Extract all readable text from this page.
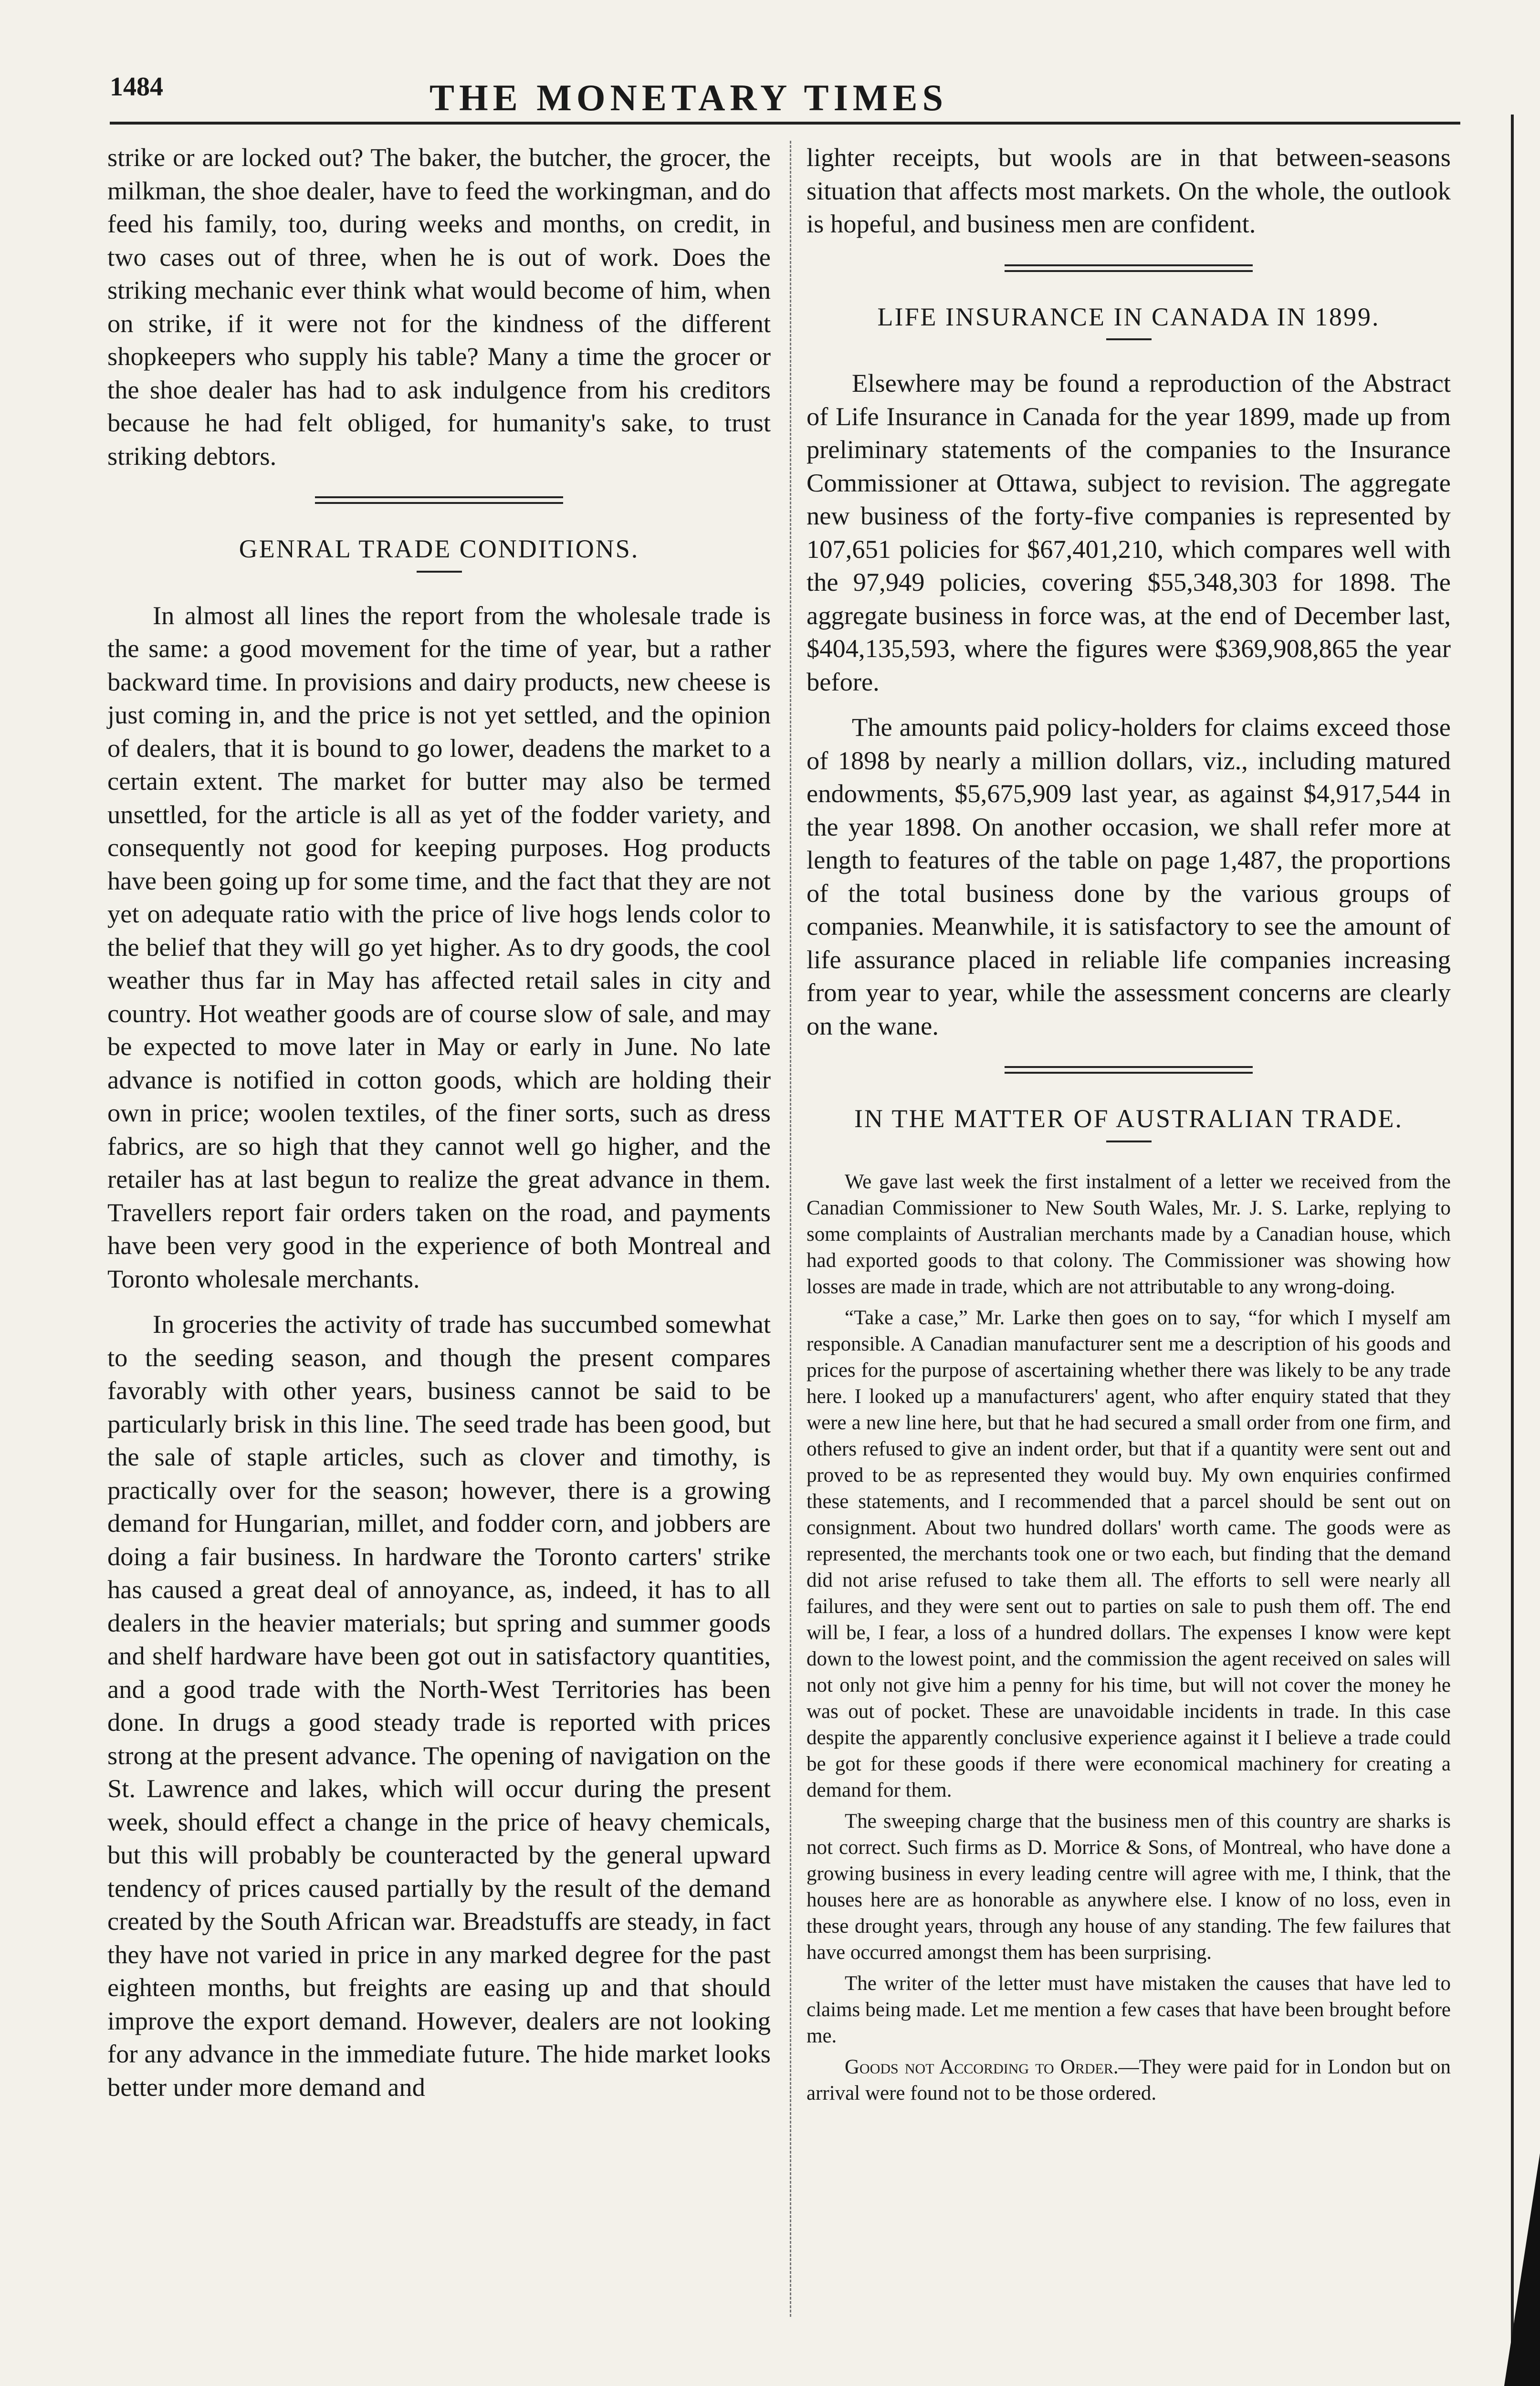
1484	THE MONETARY TIMES

strike or are locked out? The baker, the butcher, the grocer, the milkman, the shoe dealer, have to feed the workingman, and do feed his family, too, during weeks and months, on credit, in two cases out of three, when he is out of work. Does the striking mechanic ever think what would become of him, when on strike, if it were not for the kindness of the different shopkeepers who supply his table? Many a time the grocer or the shoe dealer has had to ask indulgence from his creditors because he had felt obliged, for humanity's sake, to trust striking debtors.

GENRAL TRADE CONDITIONS.

In almost all lines the report from the wholesale trade is the same: a good movement for the time of year, but a rather backward time. In provisions and dairy products, new cheese is just coming in, and the price is not yet settled, and the opinion of dealers, that it is bound to go lower, deadens the market to a certain extent. The market for butter may also be termed unsettled, for the article is all as yet of the fodder variety, and consequently not good for keeping purposes. Hog products have been going up for some time, and the fact that they are not yet on adequate ratio with the price of live hogs lends color to the belief that they will go yet higher. As to dry goods, the cool weather thus far in May has affected retail sales in city and country. Hot weather goods are of course slow of sale, and may be expected to move later in May or early in June. No late advance is notified in cotton goods, which are holding their own in price; woolen textiles, of the finer sorts, such as dress fabrics, are so high that they cannot well go higher, and the retailer has at last begun to realize the great advance in them. Travellers report fair orders taken on the road, and payments have been very good in the experience of both Montreal and Toronto wholesale merchants.

In groceries the activity of trade has succumbed somewhat to the seeding season, and though the present compares favorably with other years, business cannot be said to be particularly brisk in this line. The seed trade has been good, but the sale of staple articles, such as clover and timothy, is practically over for the season; however, there is a growing demand for Hungarian, millet, and fodder corn, and jobbers are doing a fair business. In hardware the Toronto carters' strike has caused a great deal of annoyance, as, indeed, it has to all dealers in the heavier materials; but spring and summer goods and shelf hardware have been got out in satisfactory quantities, and a good trade with the North-West Territories has been done. In drugs a good steady trade is reported with prices strong at the present advance. The opening of navigation on the St. Lawrence and lakes, which will occur during the present week, should effect a change in the price of heavy chemicals, but this will probably be counteracted by the general upward tendency of prices caused partially by the result of the demand created by the South African war. Breadstuffs are steady, in fact they have not varied in price in any marked degree for the past eighteen months, but freights are easing up and that should improve the export demand. However, dealers are not looking for any advance in the immediate future. The hide market looks better under more demand and

lighter receipts, but wools are in that between-seasons situation that affects most markets. On the whole, the outlook is hopeful, and business men are confident.

LIFE INSURANCE IN CANADA IN 1899.

Elsewhere may be found a reproduction of the Abstract of Life Insurance in Canada for the year 1899, made up from preliminary statements of the companies to the Insurance Commissioner at Ottawa, subject to revision. The aggregate new business of the forty-five companies is represented by 107,651 policies for $67,401,210, which compares well with the 97,949 policies, covering $55,348,303 for 1898. The aggregate business in force was, at the end of December last, $404,135,593, where the figures were $369,908,865 the year before.

The amounts paid policy-holders for claims exceed those of 1898 by nearly a million dollars, viz., including matured endowments, $5,675,909 last year, as against $4,917,544 in the year 1898. On another occasion, we shall refer more at length to features of the table on page 1,487, the proportions of the total business done by the various groups of companies. Meanwhile, it is satisfactory to see the amount of life assurance placed in reliable life companies increasing from year to year, while the assessment concerns are clearly on the wane.

IN THE MATTER OF AUSTRALIAN TRADE.

We gave last week the first instalment of a letter we received from the Canadian Commissioner to New South Wales, Mr. J. S. Larke, replying to some complaints of Australian merchants made by a Canadian house, which had exported goods to that colony. The Commissioner was showing how losses are made in trade, which are not attributable to any wrong-doing.

“Take a case,” Mr. Larke then goes on to say, “for which I myself am responsible. A Canadian manufacturer sent me a description of his goods and prices for the purpose of ascertaining whether there was likely to be any trade here. I looked up a manufacturers' agent, who after enquiry stated that they were a new line here, but that he had secured a small order from one firm, and others refused to give an indent order, but that if a quantity were sent out and proved to be as represented they would buy. My own enquiries confirmed these statements, and I recommended that a parcel should be sent out on consignment. About two hundred dollars' worth came. The goods were as represented, the merchants took one or two each, but finding that the demand did not arise refused to take them all. The efforts to sell were nearly all failures, and they were sent out to parties on sale to push them off. The end will be, I fear, a loss of a hundred dollars. The expenses I know were kept down to the lowest point, and the commission the agent received on sales will not only not give him a penny for his time, but will not cover the money he was out of pocket. These are unavoidable incidents in trade. In this case despite the apparently conclusive experience against it I believe a trade could be got for these goods if there were economical machinery for creating a demand for them.

The sweeping charge that the business men of this country are sharks is not correct. Such firms as D. Morrice & Sons, of Montreal, who have done a growing business in every leading centre will agree with me, I think, that the houses here are as honorable as anywhere else. I know of no loss, even in these drought years, through any house of any standing. The few failures that have occurred amongst them has been surprising.

The writer of the letter must have mistaken the causes that have led to claims being made. Let me mention a few cases that have been brought before me.

Goods not According to Order.—They were paid for in London but on arrival were found not to be those ordered.
